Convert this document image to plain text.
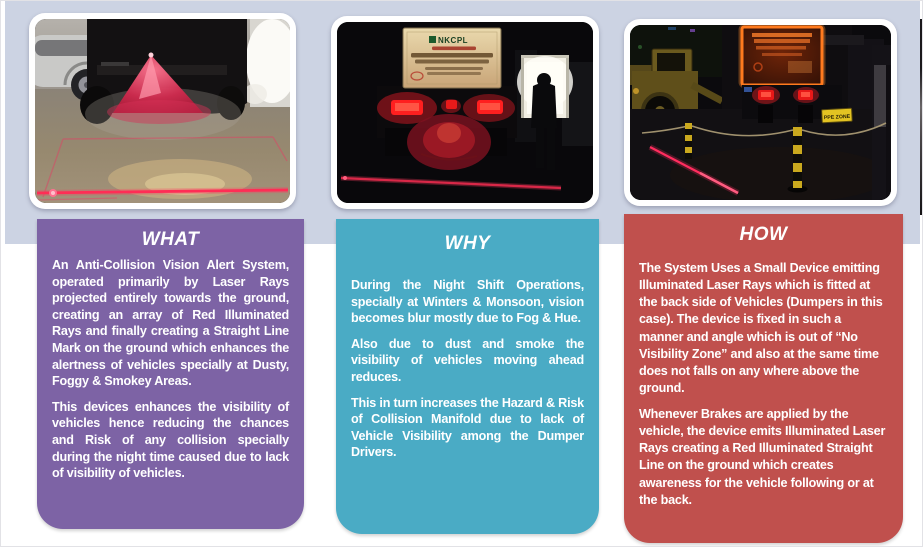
NKCPL
PPE ZONE
WHAT

An Anti-Collision Vision Alert System, operated primarily by Laser Rays projected entirely towards the ground, creating an array of Red Illuminated Rays and finally creating a Straight Line Mark on the ground which enhances the alertness of vehicles specially at Dusty, Foggy & Smokey Areas.

This devices enhances the visibility of vehicles hence reducing the chances and Risk of any collision specially during the night time caused due to lack of visibility of vehicles.

WHY

During the Night Shift Operations, specially at Winters & Monsoon, vision becomes blur mostly due to Fog & Hue.

Also due to dust and smoke the visibility of vehicles moving ahead reduces.

This in turn increases the Hazard & Risk of Collision Manifold due to lack of Vehicle Visibility among the Dumper Drivers.

HOW

The System Uses a Small Device emitting Illuminated Laser Rays which is fitted at the back side of Vehicles (Dumpers in this case). The device is fixed in such a manner and angle which is out of “No Visibility Zone” and also at the same time does not falls on any where above the ground.

Whenever Brakes are applied by the vehicle, the device emits Illuminated Laser Rays creating a Red Illuminated Straight Line on the ground which creates awareness for the vehicle following or at the back.
